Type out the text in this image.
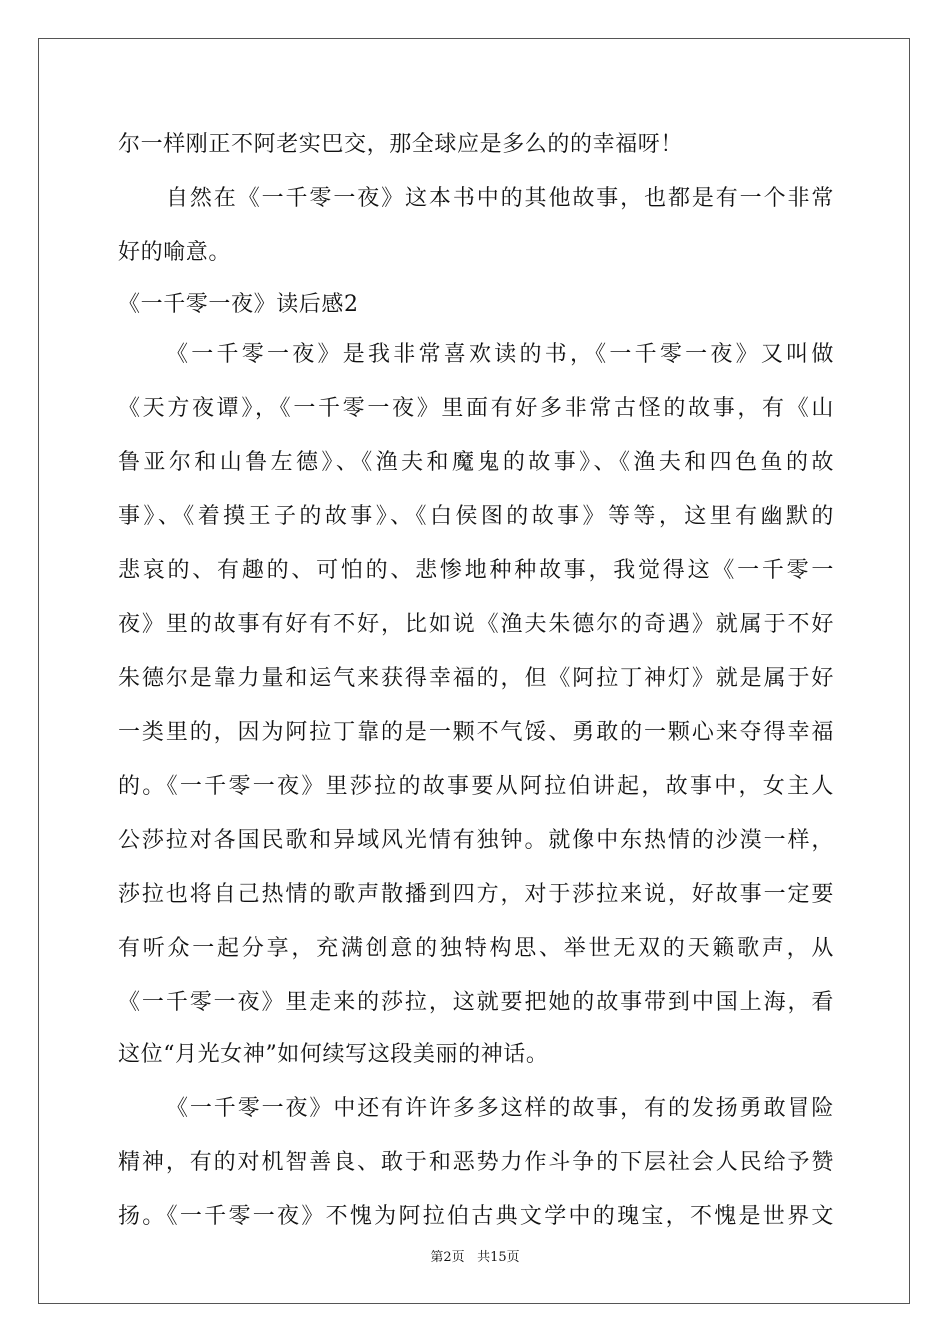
尔一样刚正不阿老实巴交，那全球应是多么的的幸福呀！

自然在《一千零一夜》这本书中的其他故事，也都是有一个非常

好的喻意。

《一千零一夜》读后感2

《一千零一夜》是我非常喜欢读的书，《一千零一夜》又叫做

《天方夜谭》，《一千零一夜》里面有好多非常古怪的故事，有《山

鲁亚尔和山鲁左德》、《渔夫和魔鬼的故事》、《渔夫和四色鱼的故

事》、《着摸王子的故事》、《白侯图的故事》等等，这里有幽默的

悲哀的、有趣的、可怕的、悲惨地种种故事，我觉得这《一千零一

夜》里的故事有好有不好，比如说《渔夫朱德尔的奇遇》就属于不好

朱德尔是靠力量和运气来获得幸福的，但《阿拉丁神灯》就是属于好

一类里的，因为阿拉丁靠的是一颗不气馁、勇敢的一颗心来夺得幸福

的。《一千零一夜》里莎拉的故事要从阿拉伯讲起，故事中，女主人

公莎拉对各国民歌和异域风光情有独钟。就像中东热情的沙漠一样，

莎拉也将自己热情的歌声散播到四方，对于莎拉来说，好故事一定要

有听众一起分享，充满创意的独特构思、举世无双的天籁歌声，从

《一千零一夜》里走来的莎拉，这就要把她的故事带到中国上海，看

这位“月光女神”如何续写这段美丽的神话。

《一千零一夜》中还有许许多多这样的故事，有的发扬勇敢冒险

精神，有的对机智善良、敢于和恶势力作斗争的下层社会人民给予赞

扬。《一千零一夜》不愧为阿拉伯古典文学中的瑰宝，不愧是世界文

第2页 共15页
